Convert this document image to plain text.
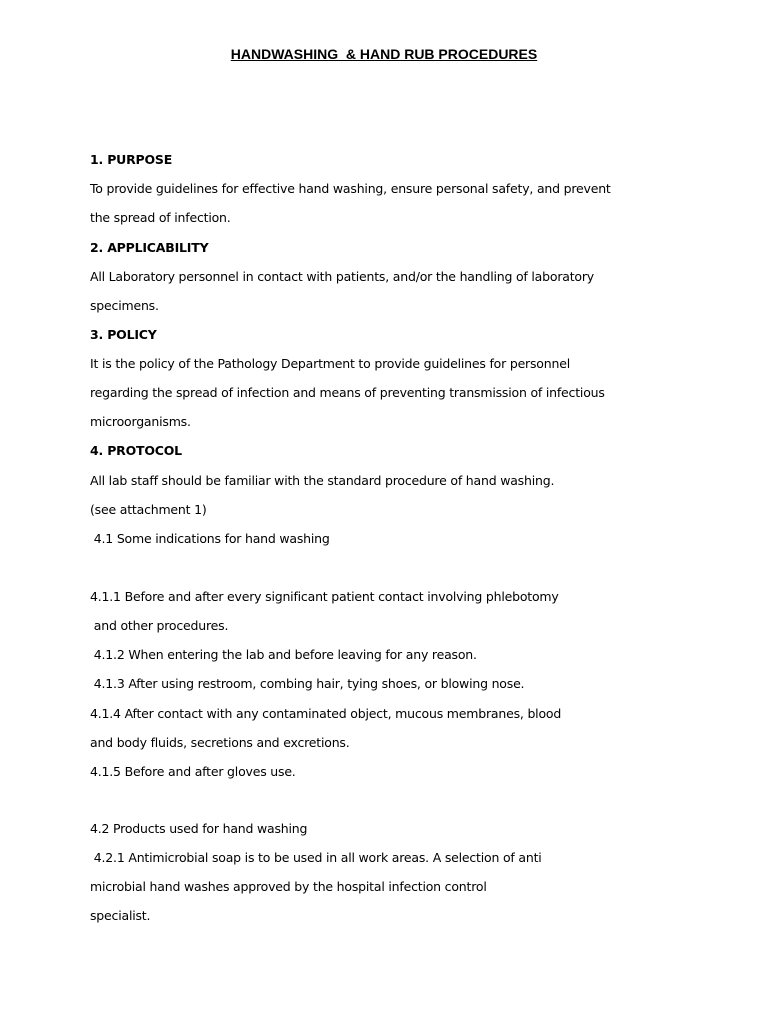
HANDWASHING  & HAND RUB PROCEDURES
1. PURPOSE
To provide guidelines for effective hand washing, ensure personal safety, and prevent
the spread of infection.
2. APPLICABILITY
All Laboratory personnel in contact with patients, and/or the handling of laboratory
specimens.
3. POLICY
It is the policy of the Pathology Department to provide guidelines for personnel
regarding the spread of infection and means of preventing transmission of infectious
microorganisms.
4. PROTOCOL
All lab staff should be familiar with the standard procedure of hand washing.
(see attachment 1)
4.1 Some indications for hand washing
4.1.1 Before and after every significant patient contact involving phlebotomy
and other procedures.
4.1.2 When entering the lab and before leaving for any reason.
4.1.3 After using restroom, combing hair, tying shoes, or blowing nose.
4.1.4 After contact with any contaminated object, mucous membranes, blood
and body fluids, secretions and excretions.
4.1.5 Before and after gloves use.
4.2 Products used for hand washing
4.2.1 Antimicrobial soap is to be used in all work areas. A selection of anti
microbial hand washes approved by the hospital infection control
specialist.
